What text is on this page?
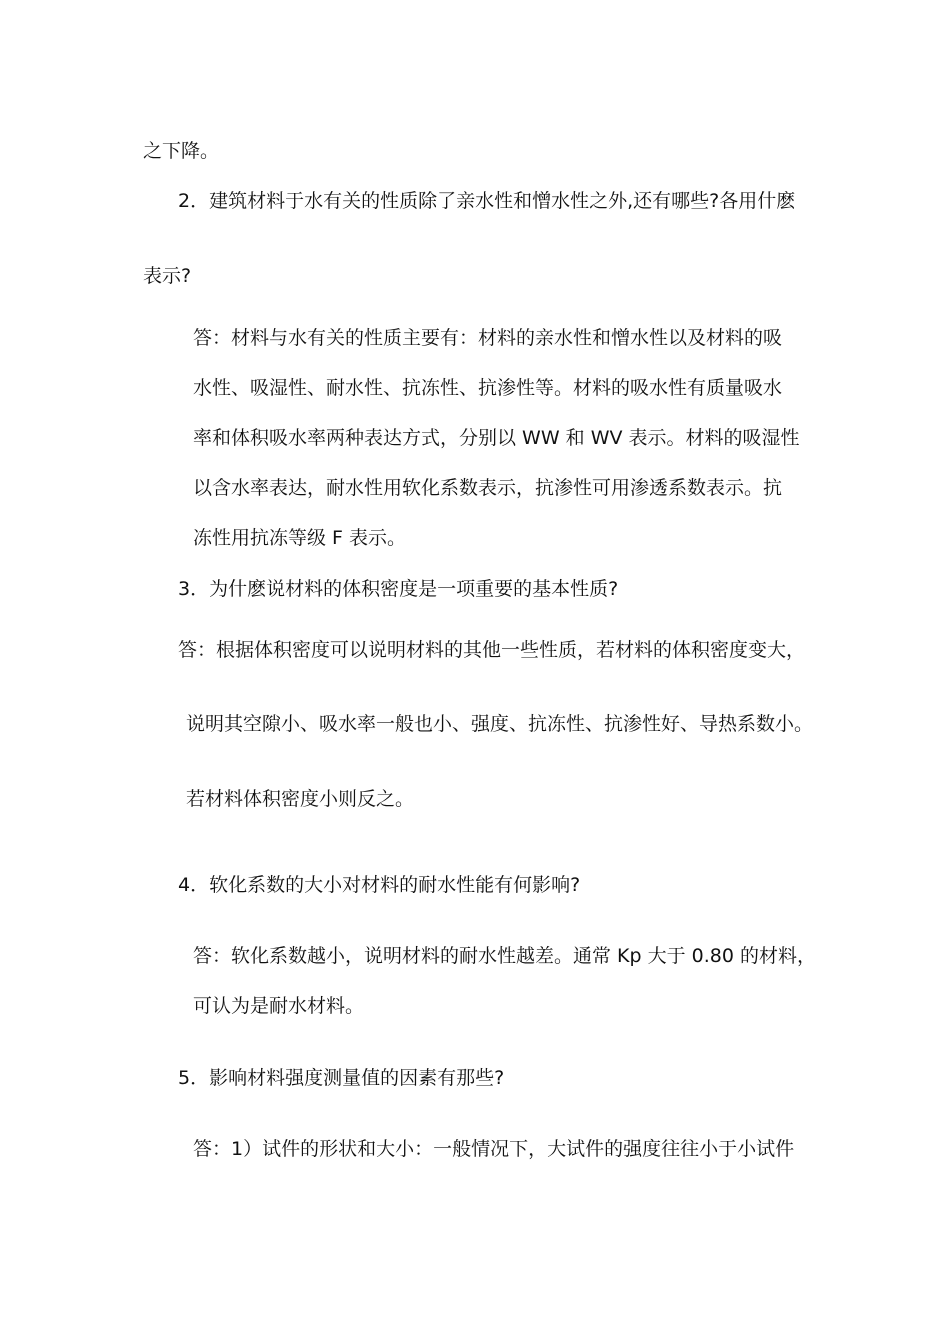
之下降。
2．建筑材料于水有关的性质除了亲水性和憎水性之外,还有哪些?各用什麽
表示?
答：材料与水有关的性质主要有：材料的亲水性和憎水性以及材料的吸
水性、吸湿性、耐水性、抗冻性、抗渗性等。材料的吸水性有质量吸水
率和体积吸水率两种表达方式，分别以 WW 和 WV 表示。材料的吸湿性
以含水率表达，耐水性用软化系数表示，抗渗性可用渗透系数表示。抗
冻性用抗冻等级 F 表示。
3．为什麽说材料的体积密度是一项重要的基本性质?
答：根据体积密度可以说明材料的其他一些性质，若材料的体积密度变大，
说明其空隙小、吸水率一般也小、强度、抗冻性、抗渗性好、导热系数小。
若材料体积密度小则反之。
4．软化系数的大小对材料的耐水性能有何影响?
答：软化系数越小，说明材料的耐水性越差。通常 Kp 大于 0.80 的材料，
可认为是耐水材料。
5．影响材料强度测量值的因素有那些?
答：1）试件的形状和大小：一般情况下，大试件的强度往往小于小试件
